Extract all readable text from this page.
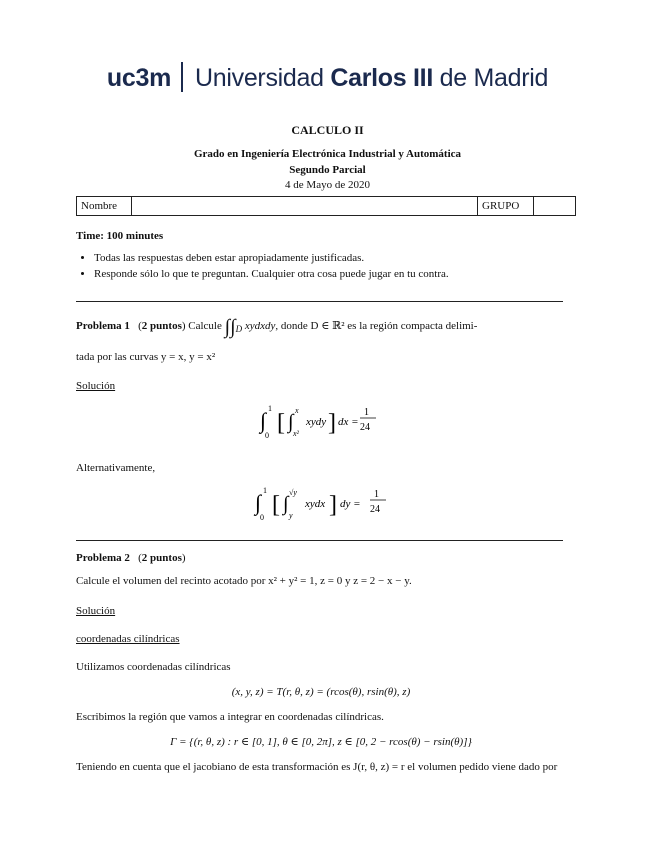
uc3m Universidad Carlos III de Madrid
CALCULO II
Grado en Ingeniería Electrónica Industrial y Automática
Segundo Parcial
4 de Mayo de 2020
Nombre		GRUPO	
Time: 100 minutes
• Todas las respuestas deben estar apropiadamente justificadas.
• Responde sólo lo que te preguntan. Cualquier otra cosa puede jugar en tu contra.
Problema 1 (2 puntos) Calcule $\int\int_D$ xydxdy, donde D ∈ ℝ² es la región compacta delimi-
tada por las curvas y = x, y = x²
Solución
∫ 1
0 [ ∫
x
x²
xydy ] dx =
1
24
Alternativamente,
∫ 1
0 [ ∫
√y
y
xydx ] dy =
1
24
Problema 2 (2 puntos)
Calcule el volumen del recinto acotado por x² + y² = 1, z = 0 y z = 2 − x − y.
Solución
coordenadas cilíndricas
Utilizamos coordenadas cilíndricas
(x, y, z) = T(r, θ, z) = (rcos(θ), rsin(θ), z)
Escribimos la región que vamos a integrar en coordenadas cilíndricas.
Γ = {(r, θ, z) : r ∈ [0, 1], θ ∈ [0, 2π], z ∈ [0, 2 − rcos(θ) − rsin(θ)]}
Teniendo en cuenta que el jacobiano de esta transformación es J(r, θ, z) = r el volumen pedido viene dado por
